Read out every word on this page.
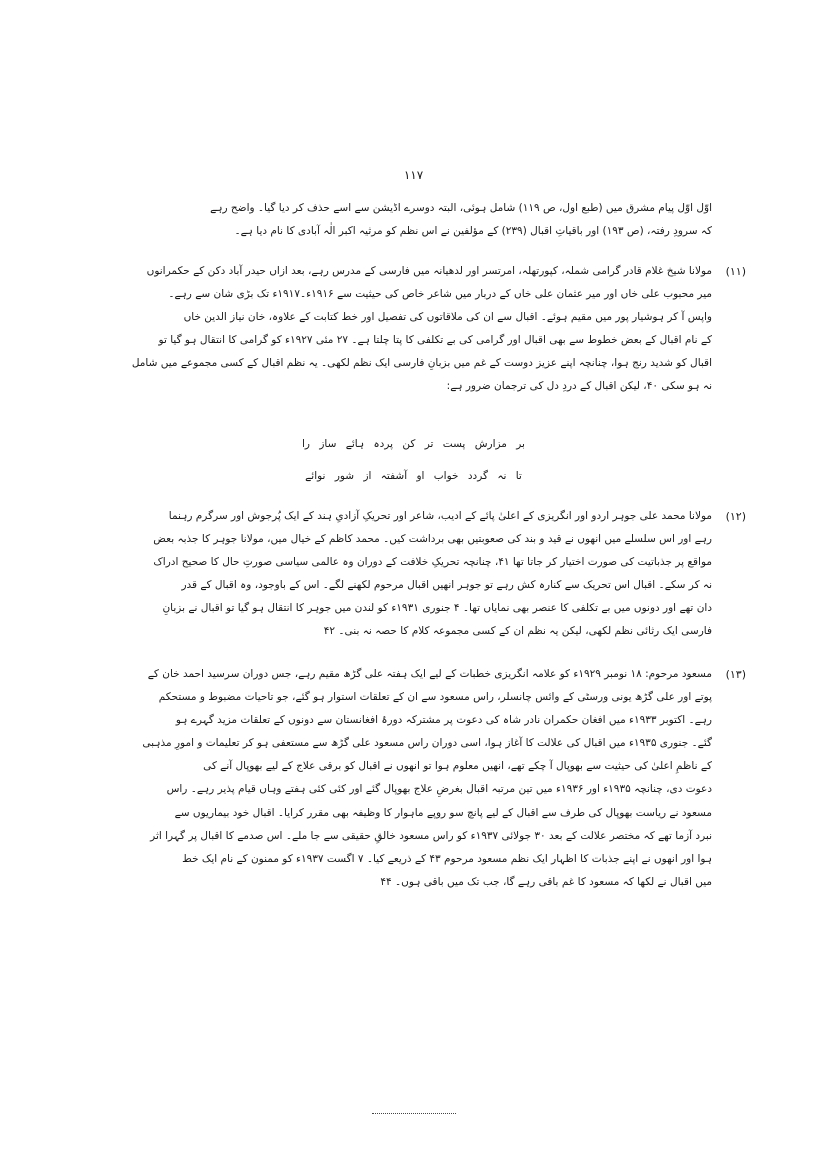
۱۱۷
اوّل اوّل پیام مشرق میں (طبع اول، ص ۱۱۹) شامل ہوئی، البتہ دوسرے اڈیشن سے اسے حذف کر دیا گیا۔ واضح رہے
کہ سرودِ رفتہ، (ص ۱۹۳) اور باقیاتِ اقبال (۲۳۹) کے مؤلفین نے اس نظم کو مرثیہ اکبر الٰہ آبادی کا نام دیا ہے۔
(۱۱)
مولانا شیخ غلام قادر گرامی شملہ، کپورتھلہ، امرتسر اور لدھیانہ میں فارسی کے مدرس رہے، بعد ازاں حیدر آباد دکن کے حکمرانوں
میر محبوب علی خاں اور میر عثمان علی خاں کے دربار میں شاعر خاص کی حیثیت سے ۱۹۱۶ء۔۱۹۱۷ء تک بڑی شان سے رہے۔
واپس آ کر ہوشیار پور میں مقیم ہوئے۔ اقبال سے ان کی ملاقاتوں کی تفصیل اور خط کتابت کے علاوہ، خان نیاز الدین خاں
کے نام اقبال کے بعض خطوط سے بھی اقبال اور گرامی کی بے تکلفی کا پتا چلتا ہے۔ ۲۷ مئی ۱۹۲۷ء کو گرامی کا انتقال ہو گیا تو
اقبال کو شدید رنج ہوا، چنانچہ اپنے عزیز دوست کے غم میں بزبانِ فارسی ایک نظم لکھی۔ یہ نظم اقبال کے کسی مجموعے میں شامل
نہ ہو سکی ۴۰، لیکن اقبال کے دردِ دل کی ترجمان ضرور ہے:
بر مزارش پست تر کن پردہ ہائے ساز را
تا نہ گردد خواب او آشفتہ از شور نوائے
(۱۲)
مولانا محمد علی جوہر اردو اور انگریزی کے اعلیٰ پائے کے ادیب، شاعر اور تحریکِ آزادیِ ہند کے ایک پُرجوش اور سرگرم رہنما
رہے اور اس سلسلے میں انھوں نے قید و بند کی صعوبتیں بھی برداشت کیں۔ محمد کاظم کے خیال میں، مولانا جوہر کا جذبہ بعض
مواقع پر جذباتیت کی صورت اختیار کر جاتا تھا ۴۱، چنانچہ تحریکِ خلافت کے دوران وہ عالمی سیاسی صورتِ حال کا صحیح ادراک
نہ کر سکے۔ اقبال اس تحریک سے کنارہ کش رہے تو جوہر انھیں اقبال مرحوم لکھنے لگے۔ اس کے باوجود، وہ اقبال کے قدر
دان تھے اور دونوں میں بے تکلفی کا عنصر بھی نمایاں تھا۔ ۴ جنوری ۱۹۳۱ء کو لندن میں جوہر کا انتقال ہو گیا تو اقبال نے بزبانِ
فارسی ایک رثائی نظم لکھی، لیکن یہ نظم ان کے کسی مجموعہ کلام کا حصہ نہ بنی۔ ۴۲
(۱۳)
مسعود مرحوم: ۱۸ نومبر ۱۹۲۹ء کو علامہ انگریزی خطبات کے لیے ایک ہفتہ علی گڑھ مقیم رہے، جس دوران سرسید احمد خان کے
پوتے اور علی گڑھ یونی ورسٹی کے وائس چانسلر، راس مسعود سے ان کے تعلقات استوار ہو گئے، جو تاحیات مضبوط و مستحکم
رہے۔ اکتوبر ۱۹۳۳ء میں افغان حکمران نادر شاہ کی دعوت پر مشترکہ دورۂ افغانستان سے دونوں کے تعلقات مزید گہرے ہو
گئے۔ جنوری ۱۹۳۵ء میں اقبال کی علالت کا آغاز ہوا، اسی دوران راس مسعود علی گڑھ سے مستعفی ہو کر تعلیمات و امورِ مذہبی
کے ناظمِ اعلیٰ کی حیثیت سے بھوپال آ چکے تھے، انھیں معلوم ہوا تو انھوں نے اقبال کو برقی علاج کے لیے بھوپال آنے کی
دعوت دی، چنانچہ ۱۹۳۵ء اور ۱۹۳۶ء میں تین مرتبہ اقبال بغرضِ علاج بھوپال گئے اور کئی کئی ہفتے وہاں قیام پذیر رہے۔ راس
مسعود نے ریاست بھوپال کی طرف سے اقبال کے لیے پانچ سو روپے ماہوار کا وظیفہ بھی مقرر کرایا۔ اقبال خود بیماریوں سے
نبرد آزما تھے کہ مختصر علالت کے بعد ۳۰ جولائی ۱۹۳۷ء کو راس مسعود خالقِ حقیقی سے جا ملے۔ اس صدمے کا اقبال پر گہرا اثر
ہوا اور انھوں نے اپنے جذبات کا اظہار ایک نظم مسعود مرحوم ۴۳ کے ذریعے کیا۔ ۷ اگست ۱۹۳۷ء کو ممنون کے نام ایک خط
میں اقبال نے لکھا کہ مسعود کا غم باقی رہے گا، جب تک میں باقی ہوں۔ ۴۴
